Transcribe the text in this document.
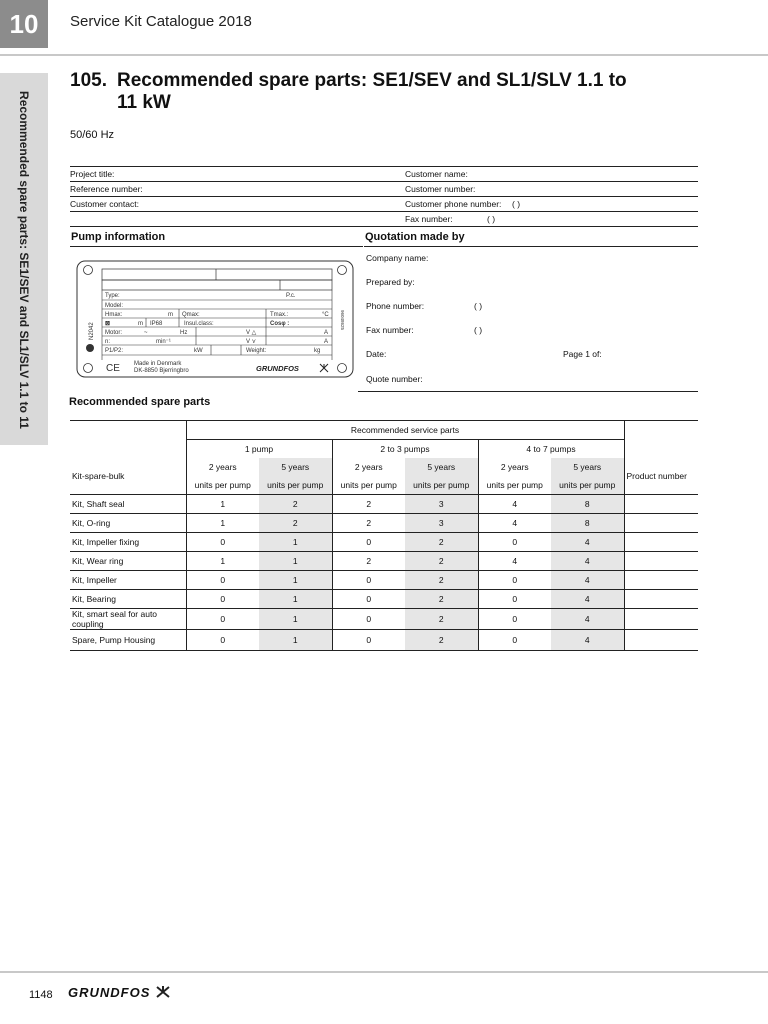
10 Service Kit Catalogue 2018
Recommended spare parts: SE1/SEV and SL1/SLV 1.1 to 11
105. Recommended spare parts: SE1/SEV and SL1/SLV 1.1 to
11 kW
50/60 Hz
Project title:	Customer name:
Reference number:	Customer number:
Customer contact:	Customer phone number: ( )
Fax number:	( )
Pump information
Type:	P.c.
Model:
Hmax:	m Qmax:	Tmax.:	°C
⊠	m IP68	Insul.class:	Cosφ :
Motor:	~	Hz	V △	A
n:	min⁻¹	V ⋎	A
P1/P2:	kW	Weight:	kg
Made in Denmark
DK-8850 Bjerringbro
CE	GRUNDFOS
N2042
96048625
Quotation made by
Company name:
Prepared by:
Phone number:	( )
Fax number:	( )
Date:	Page 1 of:
Quote number:
Recommended spare parts
	Recommended service parts						
	1 pump		2 to 3 pumps		4 to 7 pumps		
Kit-spare-bulk	2 years	5 years	2 years	5 years	2 years	5 years	Product number
	units per pump	units per pump	units per pump	units per pump	units per pump	units per pump	
Kit, Shaft seal	1	2	2	3	4	8	
Kit, O-ring	1	2	2	3	4	8	
Kit, Impeller fixing	0	1	0	2	0	4	
Kit, Wear ring	1	1	2	2	4	4	
Kit, Impeller	0	1	0	2	0	4	
Kit, Bearing	0	1	0	2	0	4	
Kit, smart seal for auto coupling	0	1	0	2	0	4	
Spare, Pump Housing	0	1	0	2	0	4	
1148 GRUNDFOS
